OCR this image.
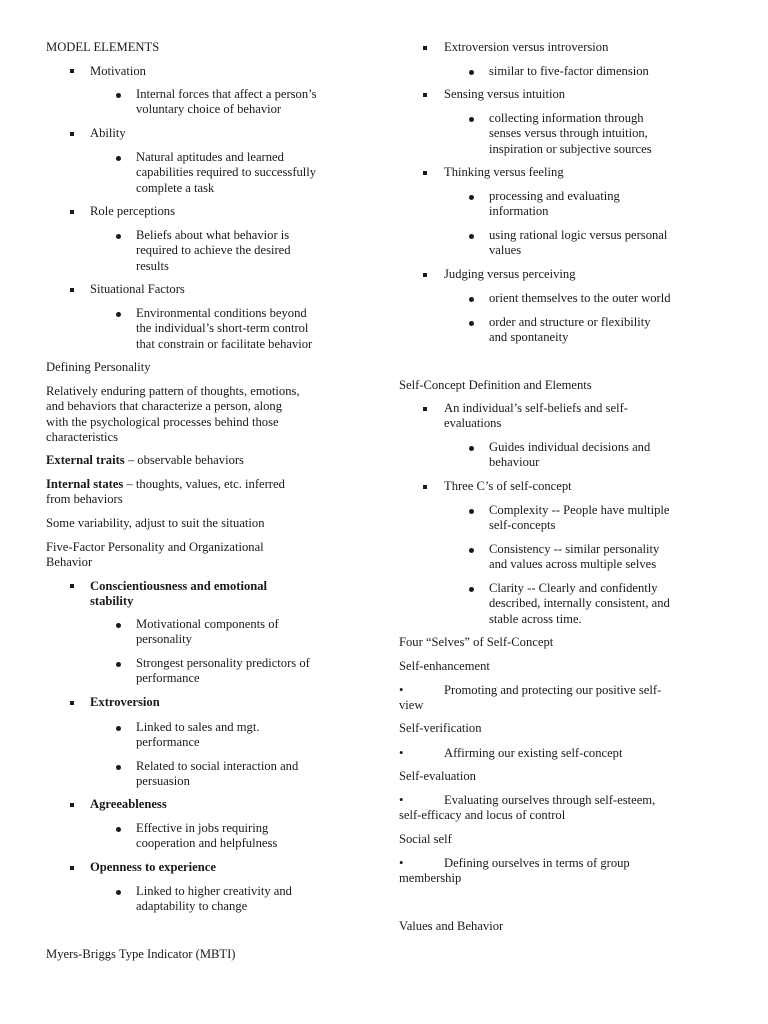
MODEL ELEMENTS
Motivation
Internal forces that affect a person’s
voluntary choice of behavior
Ability
Natural aptitudes and learned
capabilities required to successfully
complete a task
Role perceptions
Beliefs about what behavior is
required to achieve the desired
results
Situational Factors
Environmental conditions beyond
the individual’s short-term control
that constrain or facilitate behavior
Defining Personality
Relatively enduring pattern of thoughts, emotions,
and behaviors that characterize a person, along
with the psychological processes behind those
characteristics
External traits – observable behaviors
Internal states – thoughts, values, etc. inferred
from behaviors
Some variability, adjust to suit the situation
Five-Factor Personality and Organizational
Behavior
Conscientiousness and emotional
stability
Motivational components of
personality
Strongest personality predictors of
performance
Extroversion
Linked to sales and mgt.
performance
Related to social interaction and
persuasion
Agreeableness
Effective in jobs requiring
cooperation and helpfulness
Openness to experience
Linked to higher creativity and
adaptability to change
Myers-Briggs Type Indicator (MBTI)
Extroversion versus introversion
similar to five-factor dimension
Sensing versus intuition
collecting information through
senses versus through intuition,
inspiration or subjective sources
Thinking versus feeling
processing and evaluating
information
using rational logic versus personal
values
Judging versus perceiving
orient themselves to the outer world
order and structure or flexibility
and spontaneity
Self-Concept Definition and Elements
An individual’s self-beliefs and self-
evaluations
Guides individual decisions and
behaviour
Three C’s of self-concept
Complexity -- People have multiple
self-concepts
Consistency -- similar personality
and values across multiple selves
Clarity -- Clearly and confidently
described, internally consistent, and
stable across time.
Four “Selves” of Self-Concept
Self-enhancement
•	Promoting and protecting our positive self-
view
Self-verification
•	Affirming our existing self-concept
Self-evaluation
•	Evaluating ourselves through self-esteem,
self-efficacy and locus of control
Social self
•	Defining ourselves in terms of group
membership
Values and Behavior
